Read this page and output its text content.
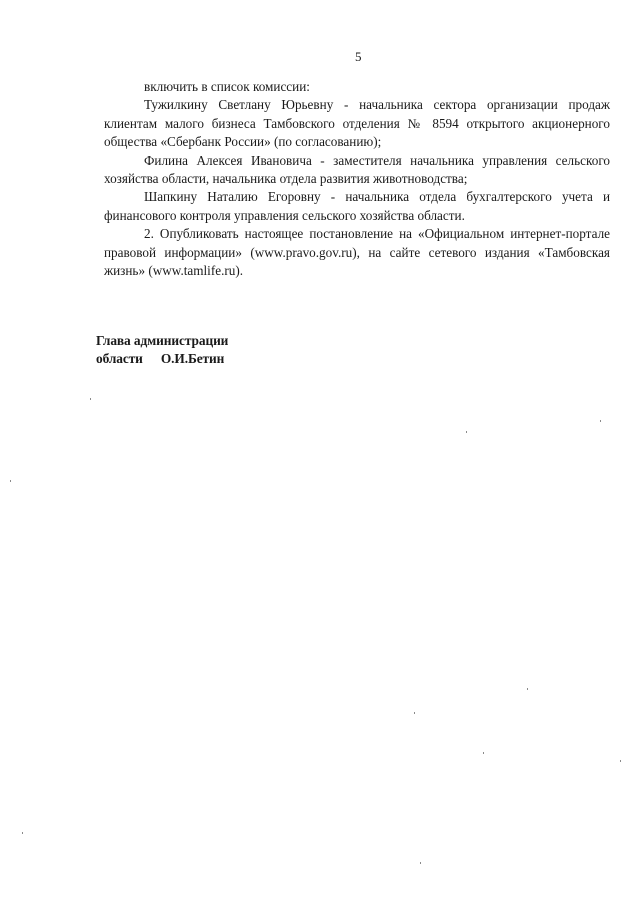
5

включить в список комиссии:

Тужилкину Светлану Юрьевну - начальника сектора организации продаж клиентам малого бизнеса Тамбовского отделения № 8594 открытого акционерного общества «Сбербанк России» (по согласованию);

Филина Алексея Ивановича - заместителя начальника управления сельского хозяйства области, начальника отдела развития животноводства;

Шапкину Наталию Егоровну - начальника отдела бухгалтерского учета и финансового контроля управления сельского хозяйства области.

2. Опубликовать настоящее постановление на «Официальном интернет-портале правовой информации» (www.pravo.gov.ru), на сайте сетевого издания «Тамбовская жизнь» (www.tamlife.ru).

Глава администрации
области О.И.Бетин
